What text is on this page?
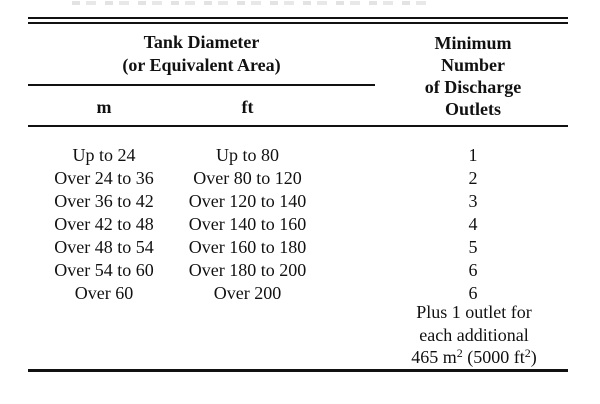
Tank Diameter
(or Equivalent Area)
m	ft
Minimum
Number
of Discharge
Outlets
Up to 24	Up to 80	1
Over 24 to 36	Over 80 to 120	2
Over 36 to 42	Over 120 to 140	3
Over 42 to 48	Over 140 to 160	4
Over 48 to 54	Over 160 to 180	5
Over 54 to 60	Over 180 to 200	6
Over 60	Over 200	6
Plus 1 outlet for
each additional
465 $m^2$ (5000 $ft^2$)
